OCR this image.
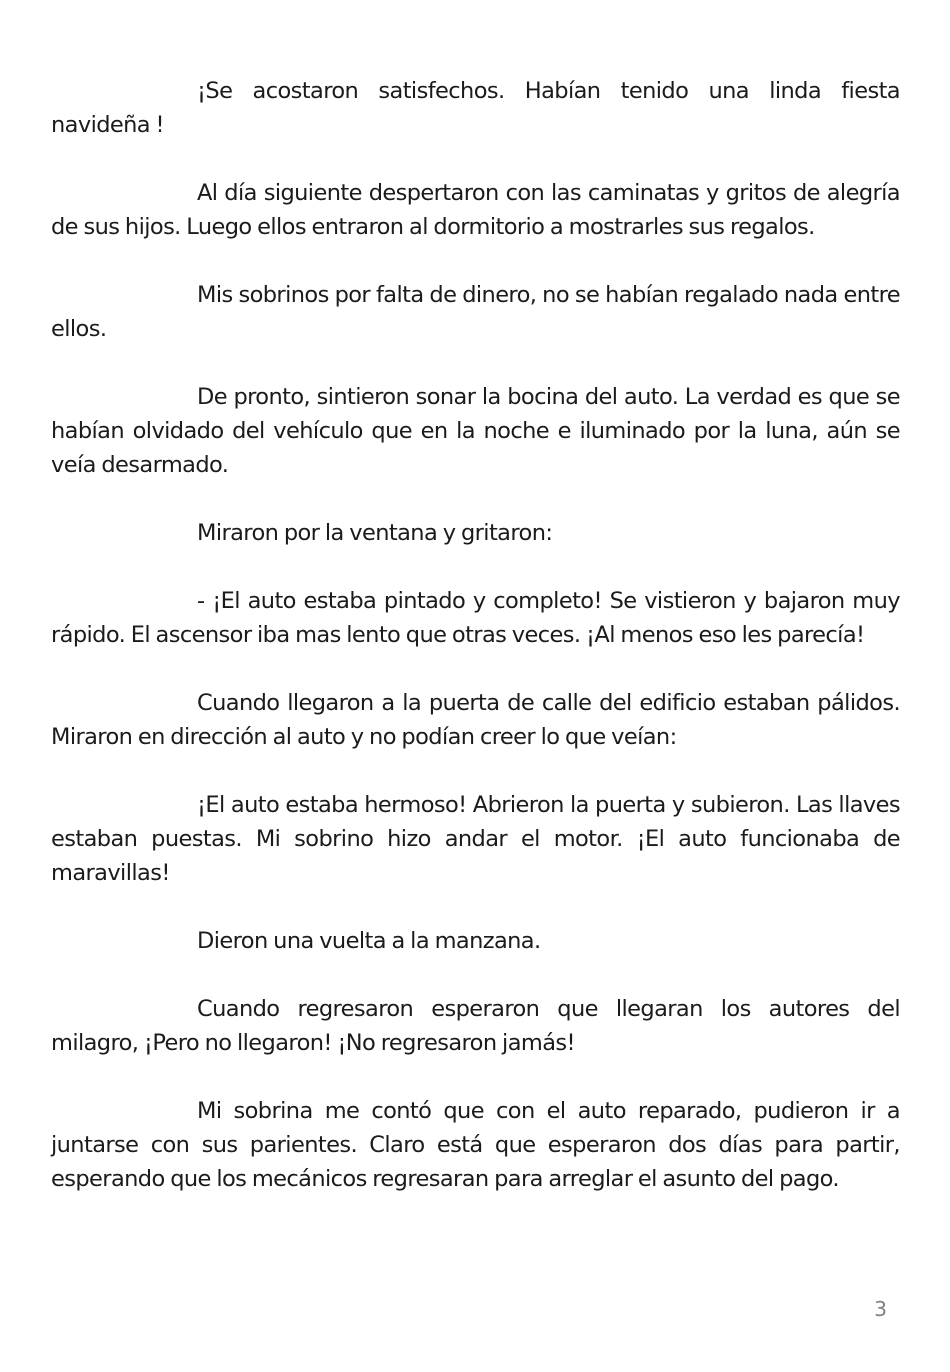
¡Se acostaron satisfechos. Habían tenido una linda fiesta navideña !

Al día siguiente despertaron con las caminatas y gritos de alegría de sus hijos. Luego ellos entraron al dormitorio a mostrarles sus regalos.

Mis sobrinos por falta de dinero, no se habían regalado nada entre ellos.

De pronto, sintieron sonar la bocina del auto. La verdad es que se habían olvidado del vehículo que en la noche e iluminado por la luna, aún se veía desarmado.

Miraron por la ventana y gritaron:

- ¡El auto estaba pintado y completo! Se vistieron y bajaron muy rápido. El ascensor iba mas lento que otras veces. ¡Al menos eso les parecía!

Cuando llegaron a la puerta de calle del edificio estaban pálidos. Miraron en dirección al auto y no podían creer lo que veían:

¡El auto estaba hermoso! Abrieron la puerta y subieron. Las llaves estaban puestas. Mi sobrino hizo andar el motor. ¡El auto funcionaba de maravillas!

Dieron una vuelta a la manzana.

Cuando regresaron esperaron que llegaran los autores del milagro, ¡Pero no llegaron! ¡No regresaron jamás!

Mi sobrina me contó que con el auto reparado, pudieron ir a juntarse con sus parientes. Claro está que esperaron dos días para partir, esperando que los mecánicos regresaran para arreglar el asunto del pago.

3
